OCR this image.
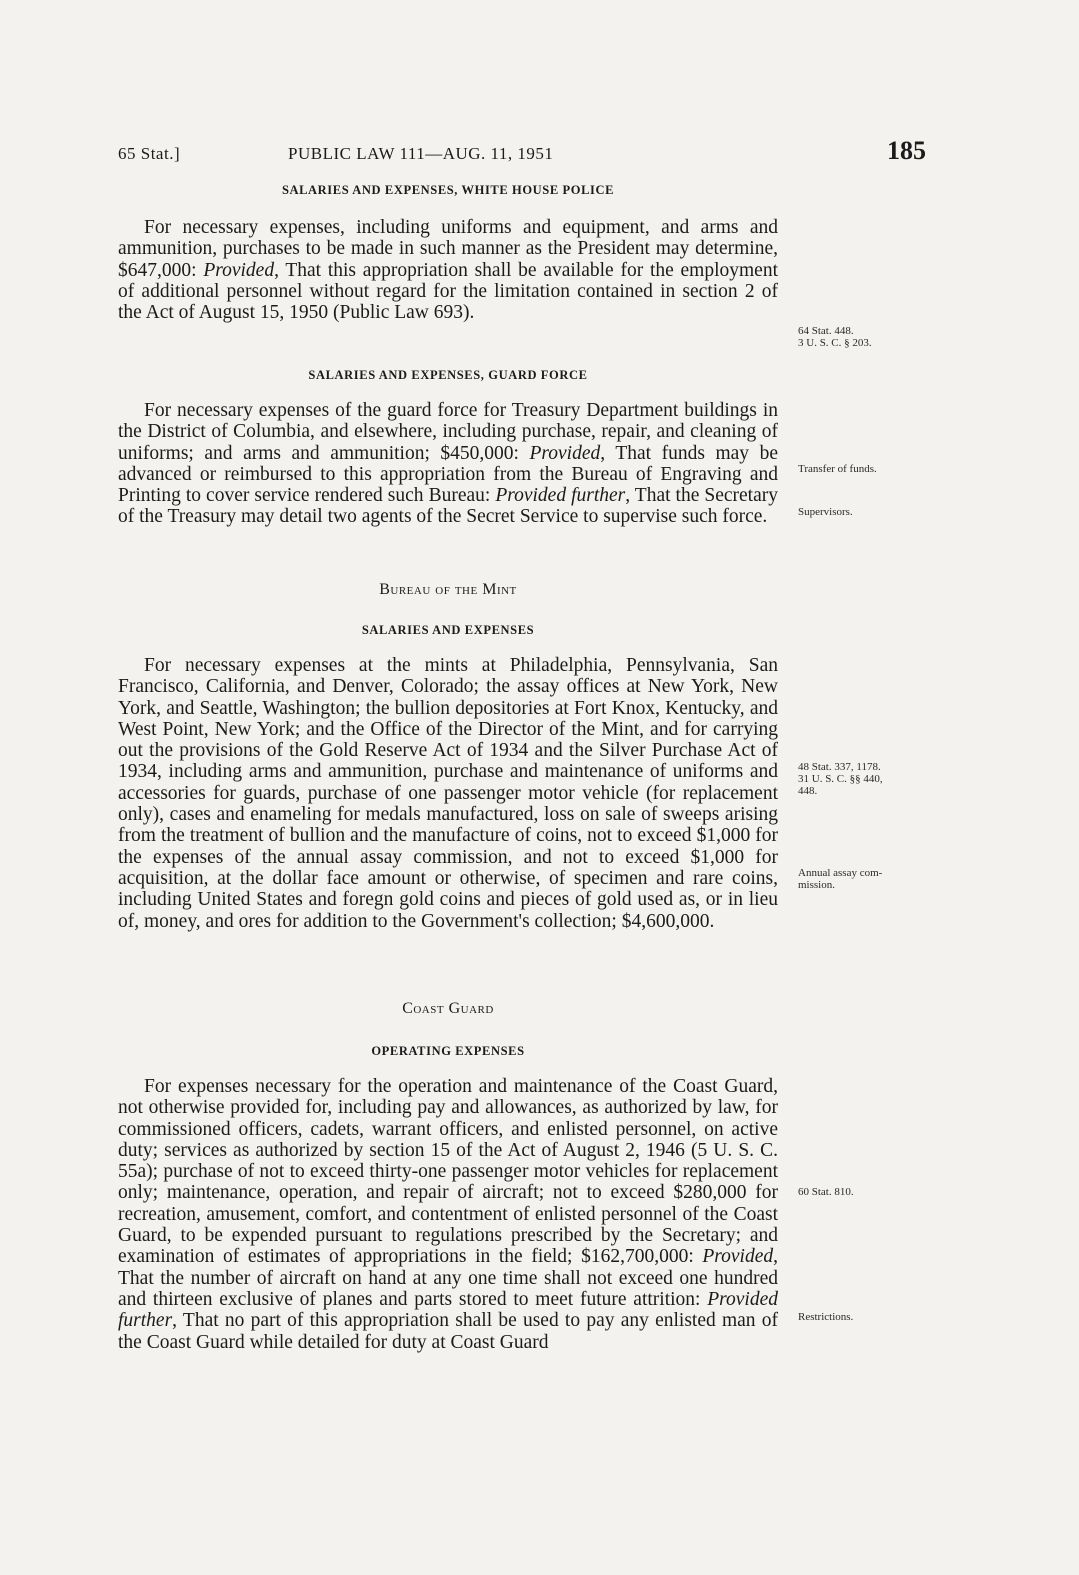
65 Stat.]	PUBLIC LAW 111—AUG. 11, 1951	185
SALARIES AND EXPENSES, WHITE HOUSE POLICE

For necessary expenses, including uniforms and equipment, and arms and ammunition, purchases to be made in such manner as the President may determine, $647,000: Provided, That this appropriation shall be available for the employment of additional personnel without regard for the limitation contained in section 2 of the Act of August 15, 1950 (Public Law 693).

SALARIES AND EXPENSES, GUARD FORCE

For necessary expenses of the guard force for Treasury Department buildings in the District of Columbia, and elsewhere, including purchase, repair, and cleaning of uniforms; and arms and ammunition; $450,000: Provided, That funds may be advanced or reimbursed to this appropriation from the Bureau of Engraving and Printing to cover service rendered such Bureau: Provided further, That the Secretary of the Treasury may detail two agents of the Secret Service to supervise such force.

Bureau of the Mint
SALARIES AND EXPENSES

For necessary expenses at the mints at Philadelphia, Pennsylvania, San Francisco, California, and Denver, Colorado; the assay offices at New York, New York, and Seattle, Washington; the bullion depositories at Fort Knox, Kentucky, and West Point, New York; and the Office of the Director of the Mint, and for carrying out the provisions of the Gold Reserve Act of 1934 and the Silver Purchase Act of 1934, including arms and ammunition, purchase and maintenance of uniforms and accessories for guards, purchase of one passenger motor vehicle (for replacement only), cases and enameling for medals manufactured, loss on sale of sweeps arising from the treatment of bullion and the manufacture of coins, not to exceed $1,000 for the expenses of the annual assay commission, and not to exceed $1,000 for acquisition, at the dollar face amount or otherwise, of specimen and rare coins, including United States and foregn gold coins and pieces of gold used as, or in lieu of, money, and ores for addition to the Government's collection; $4,600,000.

Coast Guard
OPERATING EXPENSES

For expenses necessary for the operation and maintenance of the Coast Guard, not otherwise provided for, including pay and allowances, as authorized by law, for commissioned officers, cadets, warrant officers, and enlisted personnel, on active duty; services as authorized by section 15 of the Act of August 2, 1946 (5 U. S. C. 55a); purchase of not to exceed thirty-one passenger motor vehicles for replacement only; maintenance, operation, and repair of aircraft; not to exceed $280,000 for recreation, amusement, comfort, and contentment of enlisted personnel of the Coast Guard, to be expended pursuant to regulations prescribed by the Secretary; and examination of estimates of appropriations in the field; $162,700,000: Provided, That the number of aircraft on hand at any one time shall not exceed one hundred and thirteen exclusive of planes and parts stored to meet future attrition: Provided further, That no part of this appropriation shall be used to pay any enlisted man of the Coast Guard while detailed for duty at Coast Guard

64 Stat. 448.
3 U. S. C. § 203.
Transfer of funds.
Supervisors.
48 Stat. 337, 1178.
31 U. S. C. §§ 440,
448.
Annual assay com-
mission.
60 Stat. 810.
Restrictions.
